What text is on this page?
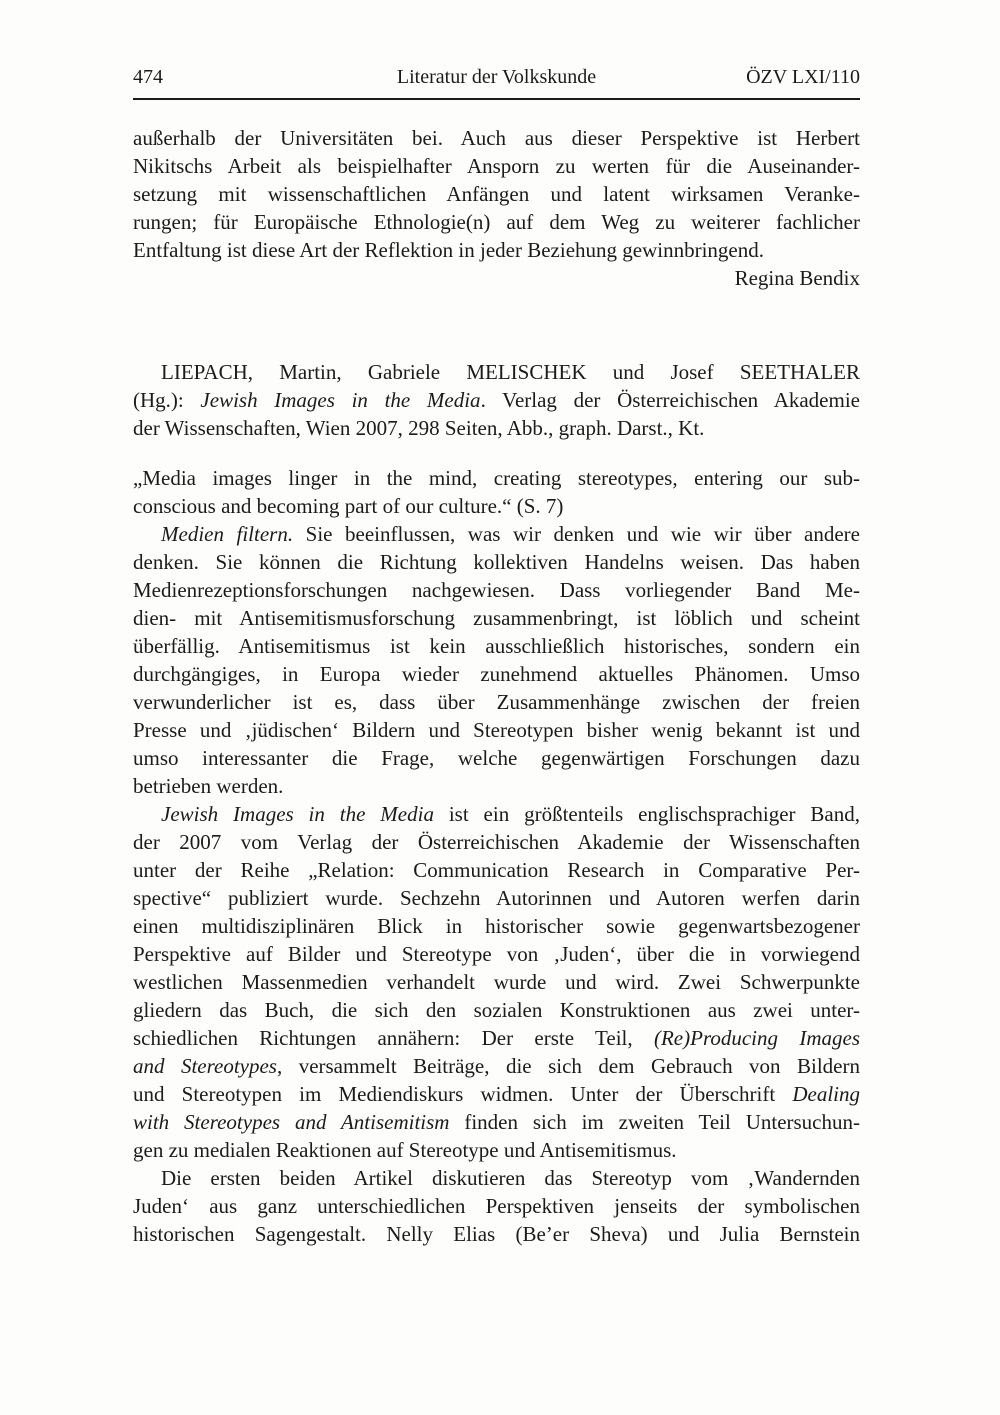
474	Literatur der Volkskunde	ÖZV LXI/110
außerhalb der Universitäten bei. Auch aus dieser Perspektive ist Herbert
Nikitschs Arbeit als beispielhafter Ansporn zu werten für die Auseinander-
setzung mit wissenschaftlichen Anfängen und latent wirksamen Veranke-
rungen; für Europäische Ethnologie(n) auf dem Weg zu weiterer fachlicher
Entfaltung ist diese Art der Reflektion in jeder Beziehung gewinnbringend.
Regina Bendix
LIEPACH, Martin, Gabriele MELISCHEK und Josef SEETHALER
(Hg.): Jewish Images in the Media. Verlag der Österreichischen Akademie
der Wissenschaften, Wien 2007, 298 Seiten, Abb., graph. Darst., Kt.
„Media images linger in the mind, creating stereotypes, entering our sub-
conscious and becoming part of our culture.“ (S. 7)
Medien filtern. Sie beeinflussen, was wir denken und wie wir über andere
denken. Sie können die Richtung kollektiven Handelns weisen. Das haben
Medienrezeptionsforschungen nachgewiesen. Dass vorliegender Band Me-
dien- mit Antisemitismusforschung zusammenbringt, ist löblich und scheint
überfällig. Antisemitismus ist kein ausschließlich historisches, sondern ein
durchgängiges, in Europa wieder zunehmend aktuelles Phänomen. Umso
verwunderlicher ist es, dass über Zusammenhänge zwischen der freien
Presse und ‚jüdischen‘ Bildern und Stereotypen bisher wenig bekannt ist und
umso interessanter die Frage, welche gegenwärtigen Forschungen dazu
betrieben werden.
Jewish Images in the Media ist ein größtenteils englischsprachiger Band,
der 2007 vom Verlag der Österreichischen Akademie der Wissenschaften
unter der Reihe „Relation: Communication Research in Comparative Per-
spective“ publiziert wurde. Sechzehn Autorinnen und Autoren werfen darin
einen multidisziplinären Blick in historischer sowie gegenwartsbezogener
Perspektive auf Bilder und Stereotype von ‚Juden‘, über die in vorwiegend
westlichen Massenmedien verhandelt wurde und wird. Zwei Schwerpunkte
gliedern das Buch, die sich den sozialen Konstruktionen aus zwei unter-
schiedlichen Richtungen annähern: Der erste Teil, (Re)Producing Images
and Stereotypes, versammelt Beiträge, die sich dem Gebrauch von Bildern
und Stereotypen im Mediendiskurs widmen. Unter der Überschrift Dealing
with Stereotypes and Antisemitism finden sich im zweiten Teil Untersuchun-
gen zu medialen Reaktionen auf Stereotype und Antisemitismus.
Die ersten beiden Artikel diskutieren das Stereotyp vom ‚Wandernden
Juden‘ aus ganz unterschiedlichen Perspektiven jenseits der symbolischen
historischen Sagengestalt. Nelly Elias (Be’er Sheva) und Julia Bernstein
